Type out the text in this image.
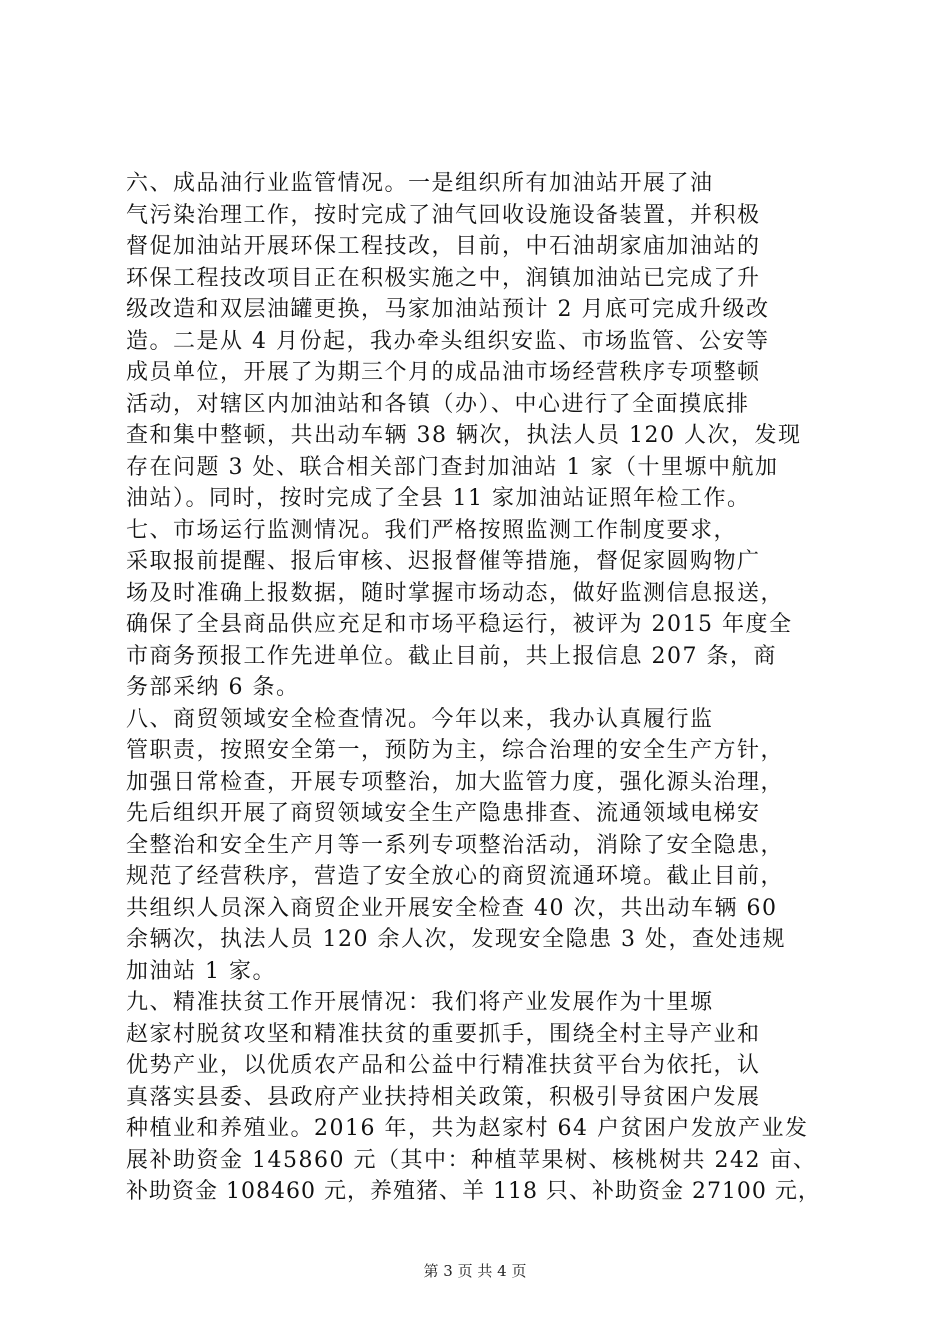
六、成品油行业监管情况。一是组织所有加油站开展了油
气污染治理工作，按时完成了油气回收设施设备装置，并积极
督促加油站开展环保工程技改，目前，中石油胡家庙加油站的
环保工程技改项目正在积极实施之中，润镇加油站已完成了升
级改造和双层油罐更换，马家加油站预计 2 月底可完成升级改
造。二是从 4 月份起，我办牵头组织安监、市场监管、公安等
成员单位，开展了为期三个月的成品油市场经营秩序专项整顿
活动，对辖区内加油站和各镇（办）、中心进行了全面摸底排
查和集中整顿，共出动车辆 38 辆次，执法人员 120 人次，发现
存在问题 3 处、联合相关部门查封加油站 1 家（十里塬中航加
油站）。同时，按时完成了全县 11 家加油站证照年检工作。
七、市场运行监测情况。我们严格按照监测工作制度要求，
采取报前提醒、报后审核、迟报督催等措施，督促家圆购物广
场及时准确上报数据，随时掌握市场动态，做好监测信息报送，
确保了全县商品供应充足和市场平稳运行，被评为 2015 年度全
市商务预报工作先进单位。截止目前，共上报信息 207 条，商
务部采纳 6 条。
八、商贸领域安全检查情况。今年以来，我办认真履行监
管职责，按照安全第一，预防为主，综合治理的安全生产方针，
加强日常检查，开展专项整治，加大监管力度，强化源头治理，
先后组织开展了商贸领域安全生产隐患排查、流通领域电梯安
全整治和安全生产月等一系列专项整治活动，消除了安全隐患，
规范了经营秩序，营造了安全放心的商贸流通环境。截止目前，
共组织人员深入商贸企业开展安全检查 40 次，共出动车辆 60
余辆次，执法人员 120 余人次，发现安全隐患 3 处，查处违规
加油站 1 家。
九、精准扶贫工作开展情况：我们将产业发展作为十里塬
赵家村脱贫攻坚和精准扶贫的重要抓手，围绕全村主导产业和
优势产业，以优质农产品和公益中行精准扶贫平台为依托，认
真落实县委、县政府产业扶持相关政策，积极引导贫困户发展
种植业和养殖业。2016 年，共为赵家村 64 户贫困户发放产业发
展补助资金 145860 元（其中：种植苹果树、核桃树共 242 亩、
补助资金 108460 元，养殖猪、羊 118 只、补助资金 27100 元，
第 3 页 共 4 页
